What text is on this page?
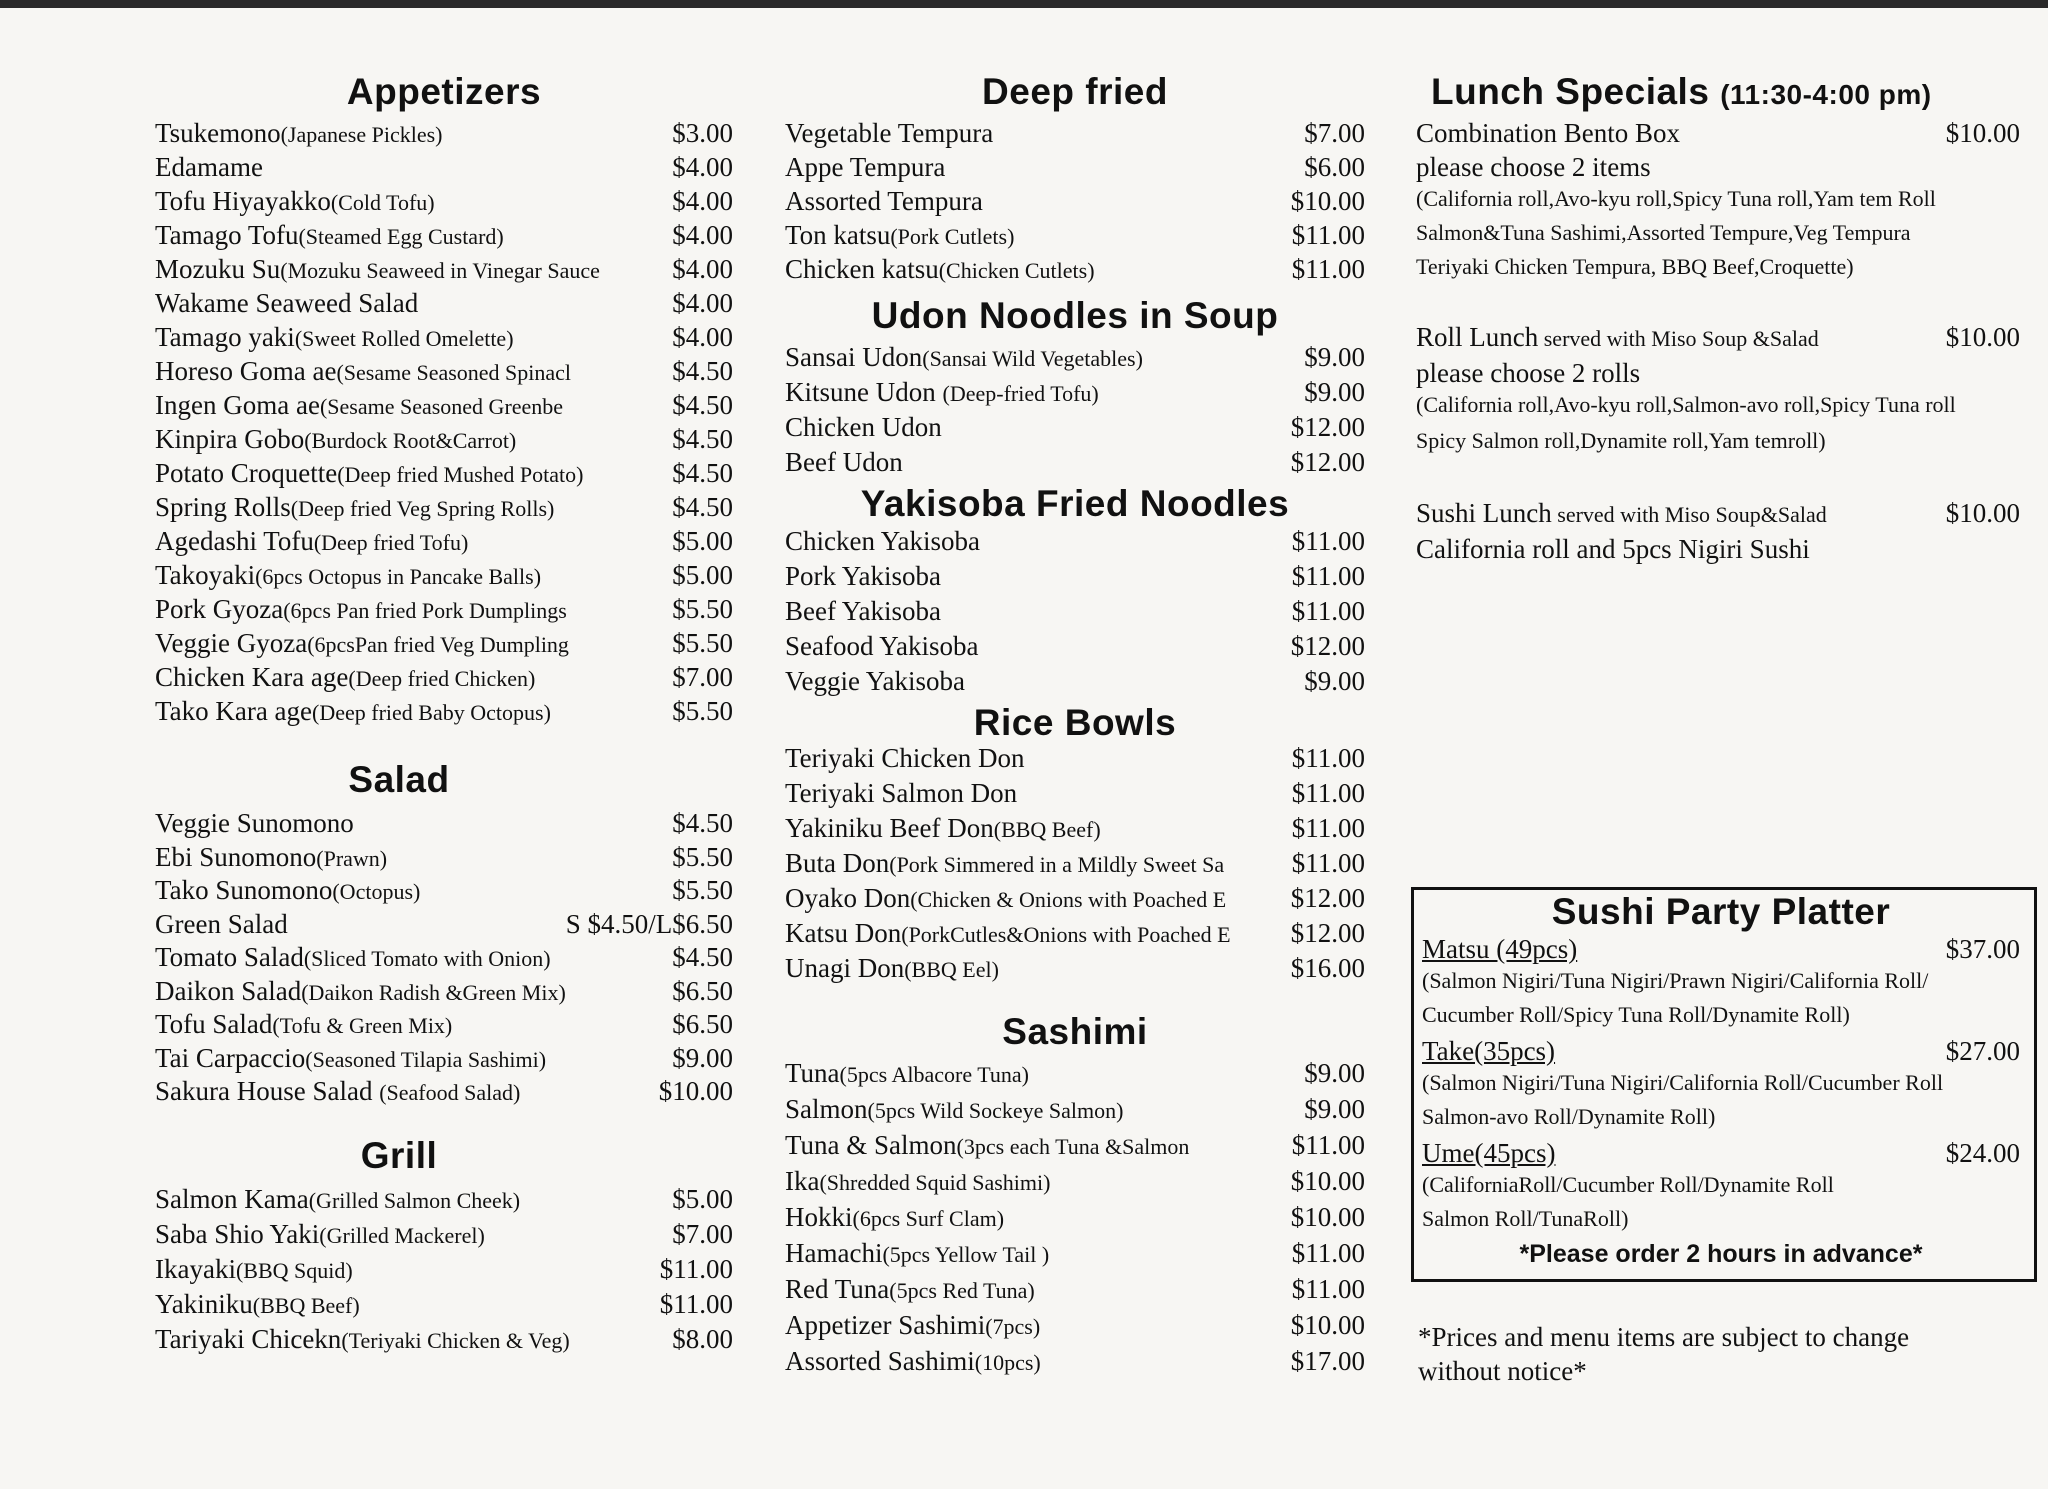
Appetizers
Tsukemono(Japanese Pickles)	$3.00
Edamame	$4.00
Tofu Hiyayakko(Cold Tofu)	$4.00
Tamago Tofu(Steamed Egg Custard)	$4.00
Mozuku Su(Mozuku Seaweed in Vinegar Sauce	$4.00
Wakame Seaweed Salad	$4.00
Tamago yaki(Sweet Rolled Omelette)	$4.00
Horeso Goma ae(Sesame Seasoned Spinacl	$4.50
Ingen Goma ae(Sesame Seasoned Greenbe	$4.50
Kinpira Gobo(Burdock Root&Carrot)	$4.50
Potato Croquette(Deep fried Mushed Potato)	$4.50
Spring Rolls(Deep fried Veg Spring Rolls)	$4.50
Agedashi Tofu(Deep fried Tofu)	$5.00
Takoyaki(6pcs Octopus in Pancake Balls)	$5.00
Pork Gyoza(6pcs Pan fried Pork Dumplings	$5.50
Veggie Gyoza(6pcsPan fried Veg Dumpling	$5.50
Chicken Kara age(Deep fried Chicken)	$7.00
Tako Kara age(Deep fried Baby Octopus)	$5.50
Salad
Veggie Sunomono	$4.50
Ebi Sunomono(Prawn)	$5.50
Tako Sunomono(Octopus)	$5.50
Green Salad	S $4.50/L$6.50
Tomato Salad(Sliced Tomato with Onion)	$4.50
Daikon Salad(Daikon Radish &Green Mix)	$6.50
Tofu Salad(Tofu & Green Mix)	$6.50
Tai Carpaccio(Seasoned Tilapia Sashimi)	$9.00
Sakura House Salad (Seafood Salad)	$10.00
Grill
Salmon Kama(Grilled Salmon Cheek)	$5.00
Saba Shio Yaki(Grilled Mackerel)	$7.00
Ikayaki(BBQ Squid)	$11.00
Yakiniku(BBQ Beef)	$11.00
Tariyaki Chicekn(Teriyaki Chicken & Veg)	$8.00
Deep fried
Vegetable Tempura	$7.00
Appe Tempura	$6.00
Assorted Tempura	$10.00
Ton katsu(Pork Cutlets)	$11.00
Chicken katsu(Chicken Cutlets)	$11.00
Udon Noodles in Soup
Sansai Udon(Sansai Wild Vegetables)	$9.00
Kitsune Udon (Deep-fried Tofu)	$9.00
Chicken Udon	$12.00
Beef Udon	$12.00
Yakisoba Fried Noodles
Chicken Yakisoba	$11.00
Pork Yakisoba	$11.00
Beef Yakisoba	$11.00
Seafood Yakisoba	$12.00
Veggie Yakisoba	$9.00
Rice Bowls
Teriyaki Chicken Don	$11.00
Teriyaki Salmon Don	$11.00
Yakiniku Beef Don(BBQ Beef)	$11.00
Buta Don(Pork Simmered in a Mildly Sweet Sa	$11.00
Oyako Don(Chicken & Onions with Poached E	$12.00
Katsu Don(PorkCutles&Onions with Poached E	$12.00
Unagi Don(BBQ Eel)	$16.00
Sashimi
Tuna(5pcs Albacore Tuna)	$9.00
Salmon(5pcs Wild Sockeye Salmon)	$9.00
Tuna & Salmon(3pcs each Tuna &Salmon	$11.00
Ika(Shredded Squid Sashimi)	$10.00
Hokki(6pcs Surf Clam)	$10.00
Hamachi(5pcs Yellow Tail )	$11.00
Red Tuna(5pcs Red Tuna)	$11.00
Appetizer Sashimi(7pcs)	$10.00
Assorted Sashimi(10pcs)	$17.00
Lunch Specials (11:30-4:00 pm)
Combination Bento Box	$10.00
please choose 2 items
(California roll,Avo-kyu roll,Spicy Tuna roll,Yam tem Roll
Salmon&Tuna Sashimi,Assorted Tempure,Veg Tempura
Teriyaki Chicken Tempura, BBQ Beef,Croquette)
Roll Lunch served with Miso Soup &Salad	$10.00
please choose 2 rolls
(California roll,Avo-kyu roll,Salmon-avo roll,Spicy Tuna roll
Spicy Salmon roll,Dynamite roll,Yam temroll)
Sushi Lunch served with Miso Soup&Salad	$10.00
California roll and 5pcs Nigiri Sushi
Sushi Party Platter
Matsu (49pcs)	$37.00
(Salmon Nigiri/Tuna Nigiri/Prawn Nigiri/California Roll/
Cucumber Roll/Spicy Tuna Roll/Dynamite Roll)
Take(35pcs)	$27.00
(Salmon Nigiri/Tuna Nigiri/California Roll/Cucumber Roll
Salmon-avo Roll/Dynamite Roll)
Ume(45pcs)	$24.00
(CaliforniaRoll/Cucumber Roll/Dynamite Roll
Salmon Roll/TunaRoll)
*Please order 2 hours in advance*
*Prices and menu items are subject to change
without notice*
